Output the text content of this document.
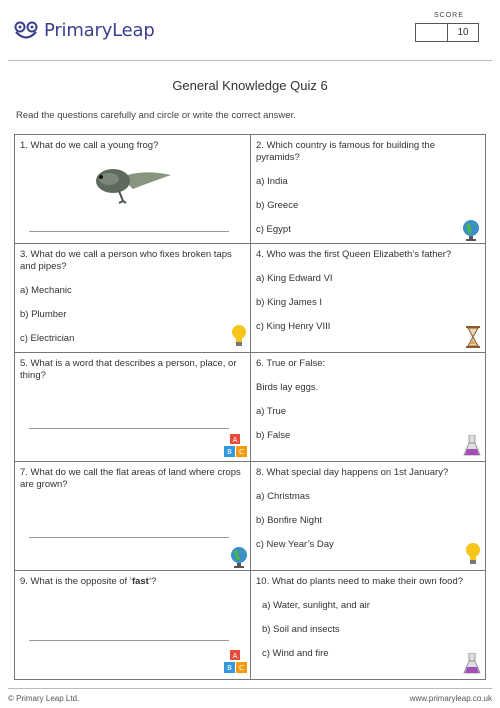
PrimaryLeap
SCORE
10
General Knowledge Quiz 6
Read the questions carefully and circle or write the correct answer.
1. What do we call a young frog?	2. Which country is famous for building the pyramids?
a) India
b) Greece
c) Egypt
3. What do we call a person who fixes broken taps and pipes?
a) Mechanic
b) Plumber
c) Electrician
4. Who was the first Queen Elizabeth’s father?
a) King Edward VI
b) King James I
c) King Henry VIII
5. What is a word that describes a person, place, or thing?
A
B C
6. True or False:
Birds lay eggs.
a) True
b) False
7. What do we call the flat areas of land where crops are grown?
8. What special day happens on 1st January?
a) Christmas
b) Bonfire Night
c) New Year’s Day
9. What is the opposite of ‘fast’?
A
B C
10. What do plants need to make their own food?
a) Water, sunlight, and air
b) Soil and insects
c) Wind and fire
© Primary Leap Ltd.	www.primaryleap.co.uk
